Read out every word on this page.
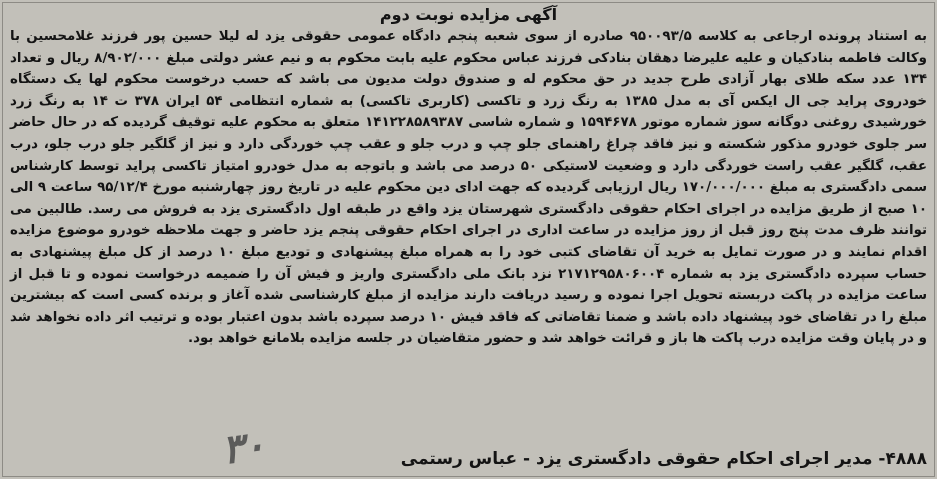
آگهی مزایده نوبت دوم

به استناد پرونده ارجاعی به کلاسه ۹۵۰۰۹۳/۵ صادره از سوی شعبه پنجم دادگاه عمومی حقوقی یزد له لیلا حسین پور فرزند غلامحسین با وکالت فاطمه بنادکیان و علیه علیرضا دهقان بنادکی فرزند عباس محکوم علیه بابت محکوم به و نیم عشر دولتی مبلغ ۸/۹۰۲/۰۰۰ ریال و تعداد ۱۳۴ عدد سکه طلای بهار آزادی طرح جدید در حق محکوم له و صندوق دولت مدیون می باشد که حسب درخوست محکوم لها یک دستگاه خودروی پراید جی ال ایکس آی به مدل ۱۳۸۵ به رنگ زرد و تاکسی (کاربری تاکسی) به شماره انتظامی ۵۴ ایران ۳۷۸ ت ۱۴ به رنگ زرد خورشیدی روغنی دوگانه سوز شماره موتور ۱۵۹۴۶۷۸ و شماره شاسی ۱۴۱۲۲۸۵۸۹۳۸۷ متعلق به محکوم علیه توقیف گردیده که در حال حاضر سر جلوی خودرو مذکور شکسته و نیز فاقد چراغ راهنمای جلو چپ و درب جلو و عقب چپ خوردگی دارد و نیز از گلگیر جلو درب جلو، درب عقب، گلگیر عقب راست خوردگی دارد و وضعیت لاستیکی ۵۰ درصد می باشد و باتوجه به مدل خودرو امتیاز تاکسی پراید توسط کارشناس سمی دادگستری به مبلغ ۱۷۰/۰۰۰/۰۰۰ ریال ارزیابی گردیده که جهت ادای دین محکوم علیه در تاریخ روز چهارشنبه مورخ ۹۵/۱۲/۴ ساعت ۹ الی ۱۰ صبح از طریق مزایده در اجرای احکام حقوقی دادگستری شهرستان یزد واقع در طبقه اول دادگستری یزد به فروش می رسد. طالبین می توانند ظرف مدت پنج روز قبل از روز مزایده در ساعت اداری در اجرای احکام حقوقی پنجم یزد حاضر و جهت ملاحظه خودرو موضوع مزایده اقدام نمایند و در صورت تمایل به خرید آن تقاضای کتبی خود را به همراه مبلغ پیشنهادی و تودیع مبلغ ۱۰ درصد از کل مبلغ پیشنهادی به حساب سپرده دادگستری یزد به شماره ۲۱۷۱۲۹۵۸۰۶۰۰۴ نزد بانک ملی دادگستری واریز و فیش آن را ضمیمه درخواست نموده و تا قبل از ساعت مزایده در پاکت دربسته تحویل اجرا نموده و رسید دریافت دارند مزایده از مبلغ کارشناسی شده آغاز و برنده کسی است که بیشترین مبلغ را در تقاضای خود پیشنهاد داده باشد و ضمنا تقاضاتی که فاقد فیش ۱۰ درصد سپرده باشد بدون اعتبار بوده و ترتیب اثر داده نخواهد شد و در پایان وقت مزایده درب پاکت ها باز و قرائت خواهد شد و حضور متقاضیان در جلسه مزایده بلامانع خواهد بود.

۴۸۸۸- مدیر اجرای احکام حقوقی دادگستری یزد - عباس رستمی

۳۰
